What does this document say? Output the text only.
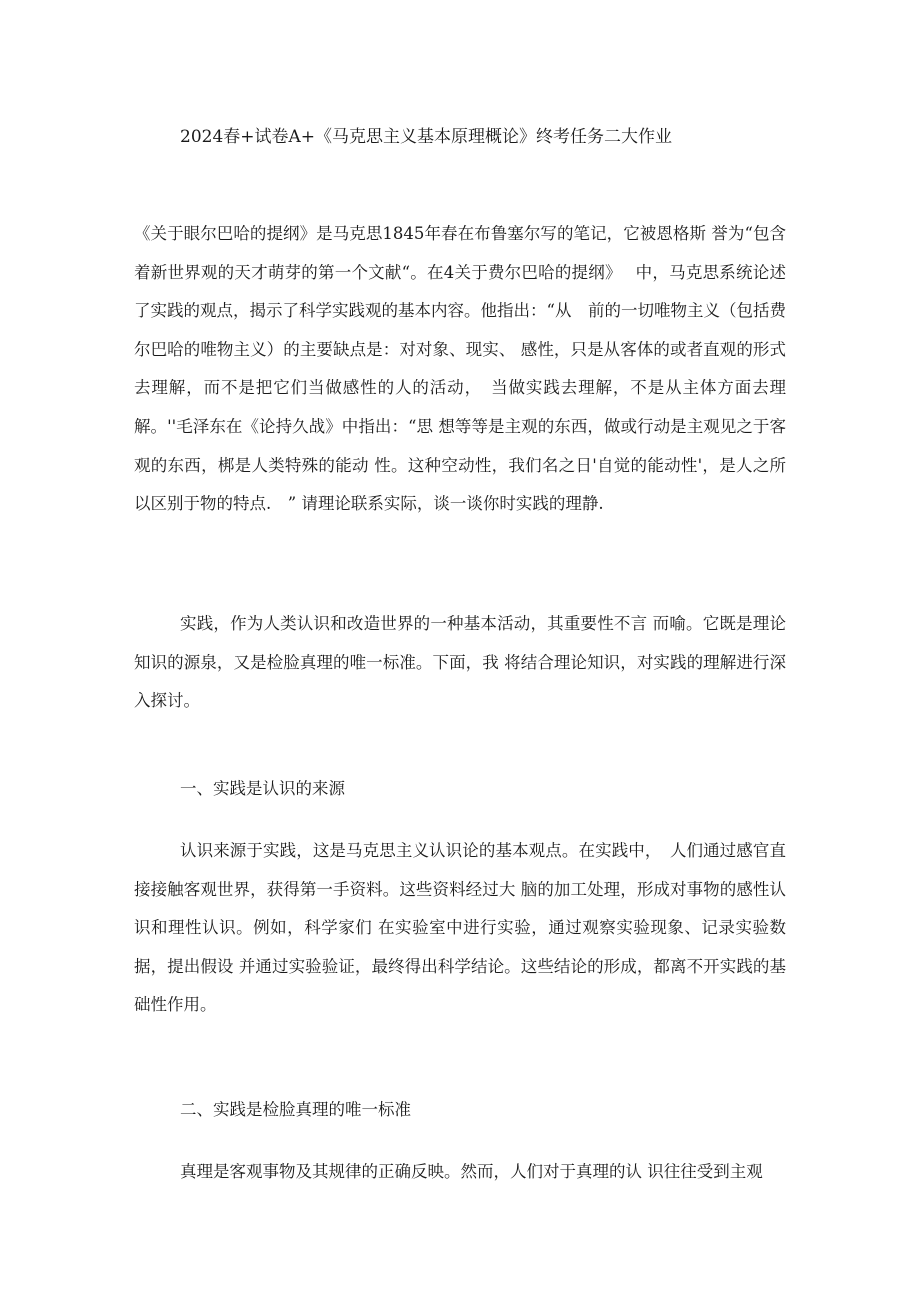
2024春+试卷A+《马克思主义基本原理概论》终考任务二大作业
《关于眼尔巴哈的提纲》是马克思1845年春在布鲁塞尔写的笔记，它被恩格斯 誉为“包含着新世界观的天才萌芽的第一个文献“。在4关于费尔巴哈的提纲》　 中，马克思系统论述了实践的观点，揭示了科学实践观的基本内容。他指出：“从　前的一切唯物主义（包括费尔巴哈的唯物主义）的主要缺点是：对对象、现实、 感性，只是从客体的或者直观的形式去理解，而不是把它们当做感性的人的活动，　当做实践去理解，不是从主体方面去理解。''毛泽东在《论持久战》中指出：“思 想等等是主观的东西，做或行动是主观见之于客观的东西，梆是人类特殊的能动 性。这种空动性，我们名之日'自觉的能动性'，是人之所以区别于物的特点.　” 请理论联系实际，谈一谈你时实践的理静.
实践，作为人类认识和改造世界的一种基本活动，其重要性不言 而喻。它既是理论知识的源泉，又是检脸真理的唯一标准。下面，我 将结合理论知识，对实践的理解进行深入探讨。
一、实践是认识的来源
认识来源于实践，这是马克思主义认识论的基本观点。在实践中，　人们通过感官直接接触客观世界，获得第一手资料。这些资料经过大 脑的加工处理，形成对事物的感性认识和理性认识。例如，科学家们 在实验室中进行实验，通过观察实验现象、记录实验数据，提出假设 并通过实验验证，最终得出科学结论。这些结论的形成，都离不开实践的基础性作用。
二、实践是检脸真理的唯一标准
真理是客观事物及其规律的正确反映。然而，人们对于真理的认 识往往受到主观
